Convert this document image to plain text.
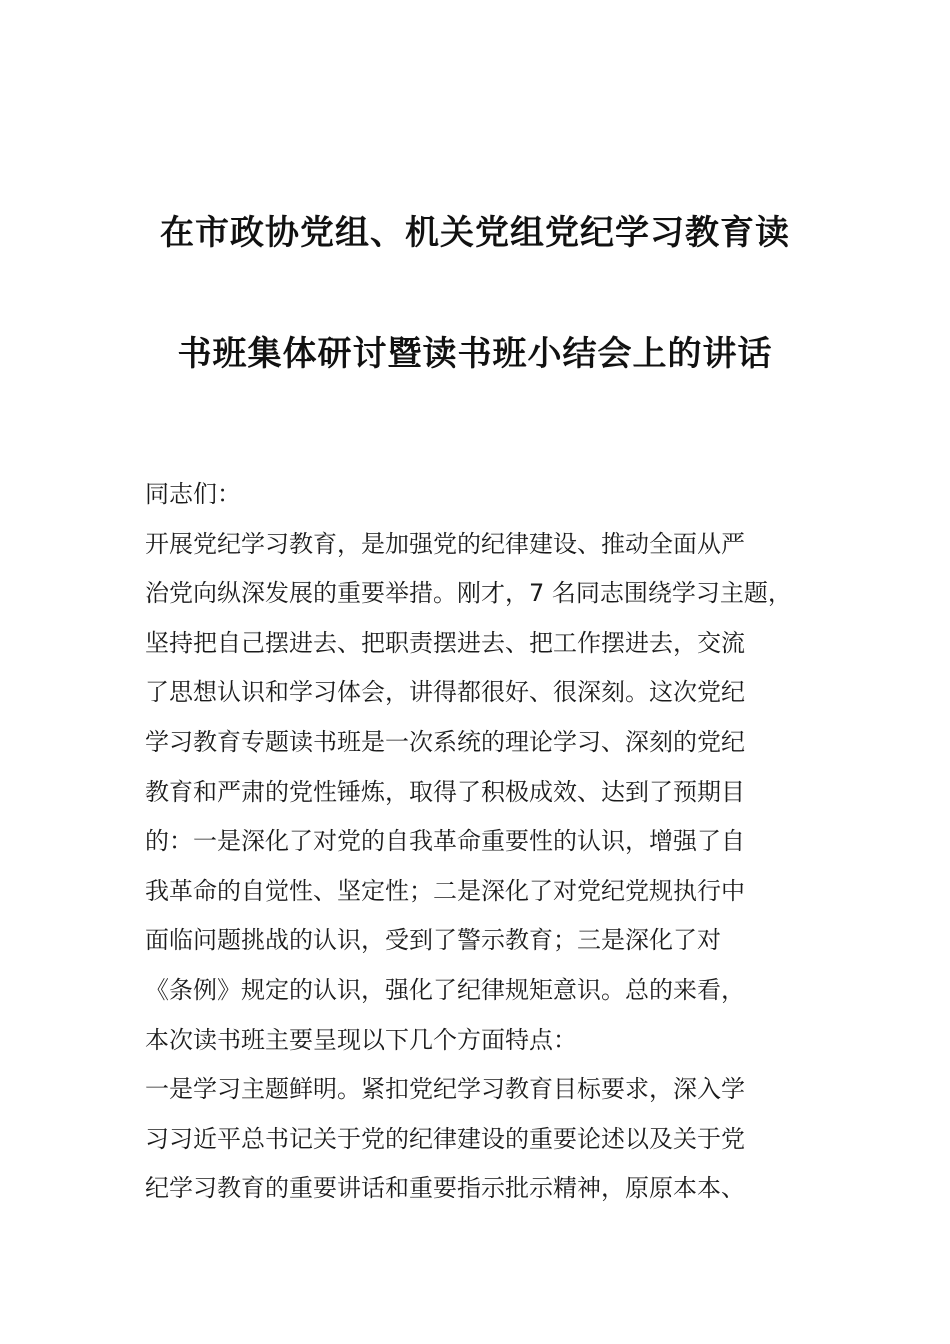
在市政协党组、机关党组党纪学习教育读
书班集体研讨暨读书班小结会上的讲话
同志们：
开展党纪学习教育，是加强党的纪律建设、推动全面从严
治党向纵深发展的重要举措。刚才，7 名同志围绕学习主题，
坚持把自己摆进去、把职责摆进去、把工作摆进去，交流
了思想认识和学习体会，讲得都很好、很深刻。这次党纪
学习教育专题读书班是一次系统的理论学习、深刻的党纪
教育和严肃的党性锤炼，取得了积极成效、达到了预期目
的：一是深化了对党的自我革命重要性的认识，增强了自
我革命的自觉性、坚定性；二是深化了对党纪党规执行中
面临问题挑战的认识，受到了警示教育；三是深化了对
《条例》规定的认识，强化了纪律规矩意识。总的来看，
本次读书班主要呈现以下几个方面特点：
一是学习主题鲜明。紧扣党纪学习教育目标要求，深入学
习习近平总书记关于党的纪律建设的重要论述以及关于党
纪学习教育的重要讲话和重要指示批示精神，原原本本、
